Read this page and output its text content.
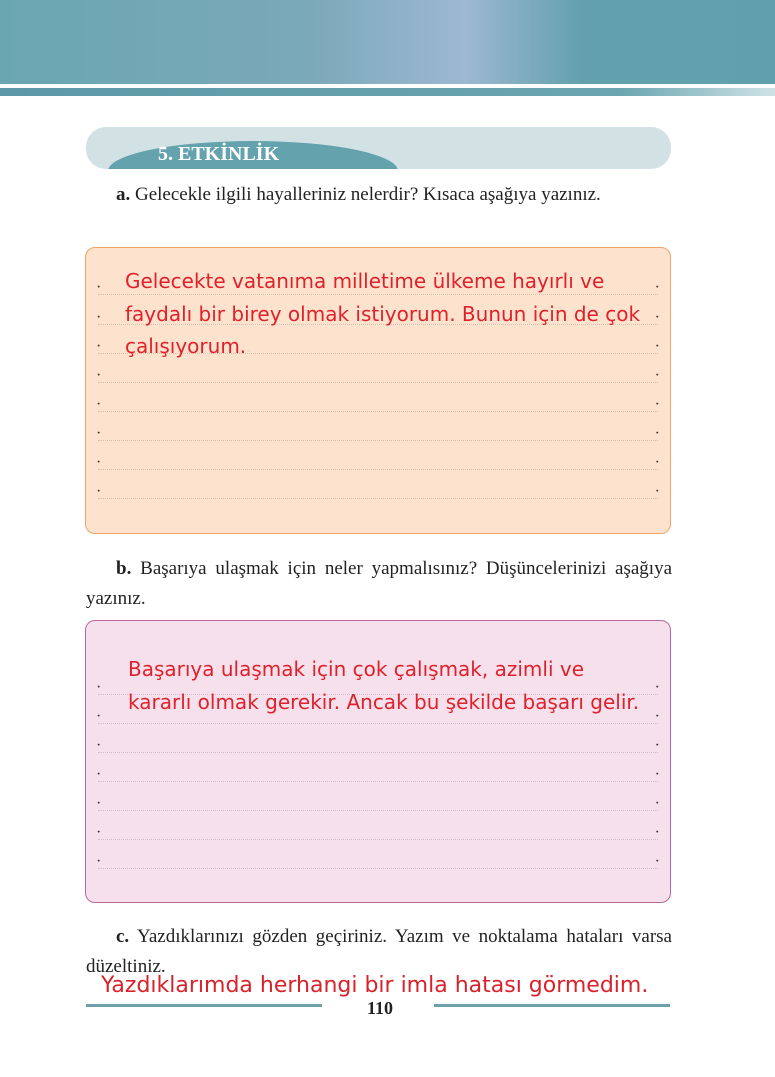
5. ETKİNLİK
a. Gelecekle ilgili hayalleriniz nelerdir? Kısaca aşağıya yazınız.
· ·
· ·
· ·
· ·
· ·
· ·
· ·
· ·
Gelecekte vatanıma milletime ülkeme hayırlı ve faydalı bir birey olmak istiyorum. Bunun için de çok çalışıyorum.
b. Başarıya ulaşmak için neler yapmalısınız? Düşüncelerinizi aşağıya yazınız.
· ·
· ·
· ·
· ·
· ·
· ·
· ·
Başarıya ulaşmak için çok çalışmak, azimli ve kararlı olmak gerekir. Ancak bu şekilde başarı gelir.
c. Yazdıklarınızı gözden geçiriniz. Yazım ve noktalama hataları varsa düzeltiniz.
Yazdıklarımda herhangi bir imla hatası görmedim.
110
